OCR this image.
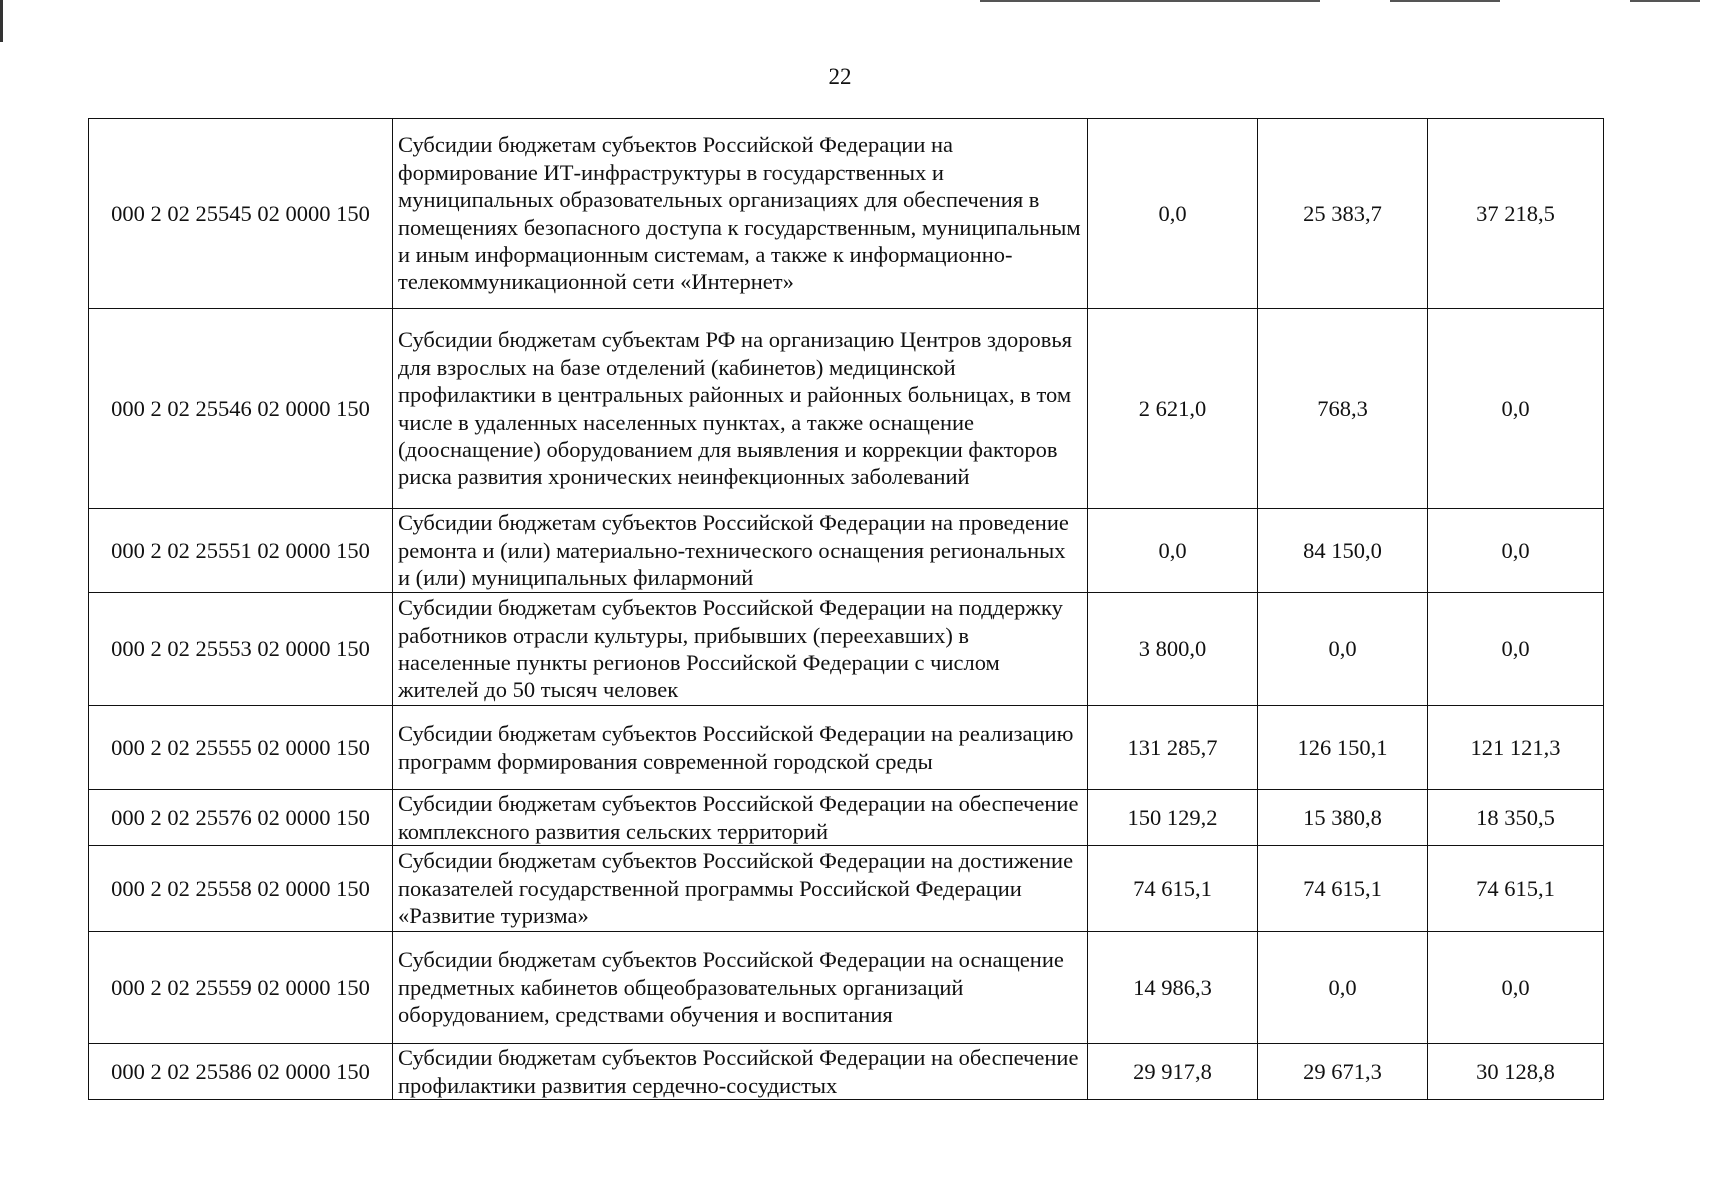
22
000 2 02 25545 02 0000 150	Субсидии бюджетам субъектов Российской Федерации на формирование ИТ-инфраструктуры в государственных и муниципальных образовательных организациях для обеспечения в помещениях безопасного доступа к государственным, муниципальным и иным информационным системам, а также к информационно-телекоммуникационной сети «Интернет»	0,0	25 383,7	37 218,5
000 2 02 25546 02 0000 150	Субсидии бюджетам субъектам РФ на организацию Центров здоровья для взрослых на базе отделений (кабинетов) медицинской профилактики в центральных районных и районных больницах, в том числе в удаленных населенных пунктах, а также оснащение (дооснащение) оборудованием для выявления и коррекции факторов риска развития хронических неинфекционных заболеваний	2 621,0	768,3	0,0
000 2 02 25551 02 0000 150	Субсидии бюджетам субъектов Российской Федерации на проведение ремонта и (или) материально-технического оснащения региональных и (или) муниципальных филармоний	0,0	84 150,0	0,0
000 2 02 25553 02 0000 150	Субсидии бюджетам субъектов Российской Федерации на поддержку работников отрасли культуры, прибывших (переехавших) в населенные пункты регионов Российской Федерации с числом жителей до 50 тысяч человек	3 800,0	0,0	0,0
000 2 02 25555 02 0000 150	Субсидии бюджетам субъектов Российской Федерации на реализацию программ формирования современной городской среды	131 285,7	126 150,1	121 121,3
000 2 02 25576 02 0000 150	Субсидии бюджетам субъектов Российской Федерации на обеспечение комплексного развития сельских территорий	150 129,2	15 380,8	18 350,5
000 2 02 25558 02 0000 150	Субсидии бюджетам субъектов Российской Федерации на достижение показателей государственной программы Российской Федерации «Развитие туризма»	74 615,1	74 615,1	74 615,1
000 2 02 25559 02 0000 150	Субсидии бюджетам субъектов Российской Федерации на оснащение предметных кабинетов общеобразовательных организаций оборудованием, средствами обучения и воспитания	14 986,3	0,0	0,0
000 2 02 25586 02 0000 150	Субсидии бюджетам субъектов Российской Федерации на обеспечение профилактики развития сердечно-сосудистых	29 917,8	29 671,3	30 128,8
